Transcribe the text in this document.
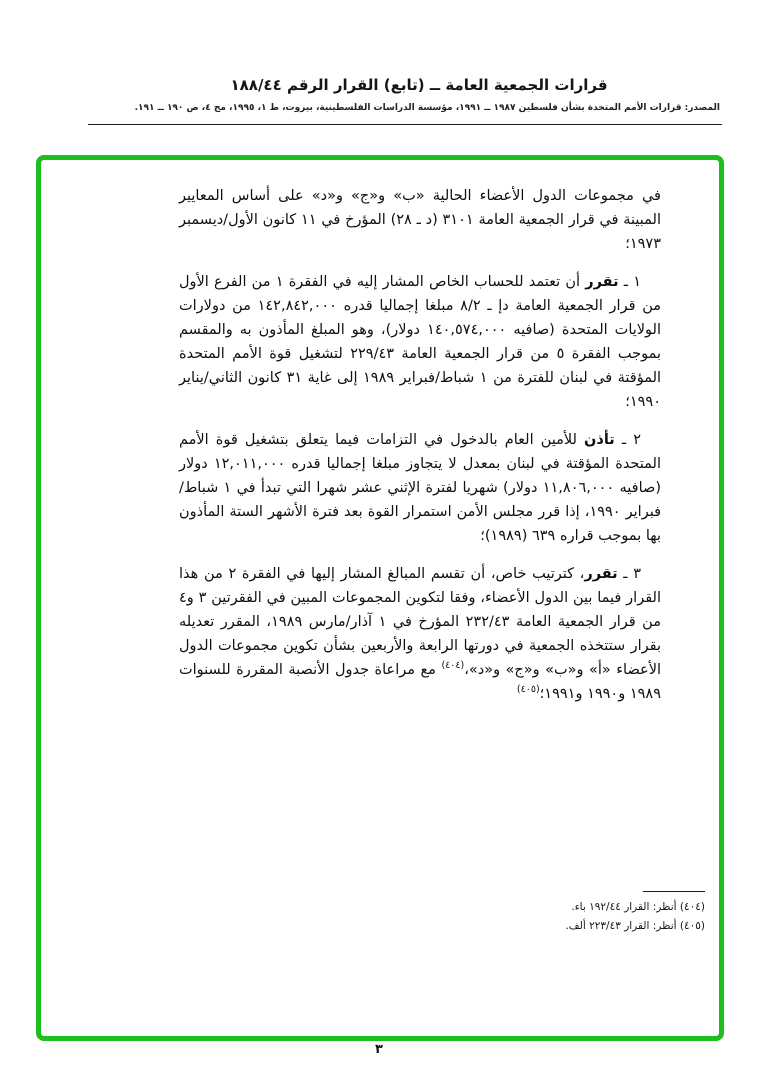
قرارات الجمعية العامة ــ (تابع) القرار الرقم ١٨٨/٤٤
المصدر: قرارات الأمم المتحدة بشأن فلسطين ١٩٨٧ ــ ١٩٩١، مؤسسة الدراسات الفلسطينية، بيروت، ط ١، ١٩٩٥، مج ٤، ص ١٩٠ ــ ١٩١.

في مجموعات الدول الأعضاء الحالية «ب» و«ج» و«د» على أساس المعايير المبينة في قرار الجمعية العامة ٣١٠١ (د ـ ٢٨) المؤرخ في ١١ كانون الأول/ديسمبر ١٩٧٣؛

١ ـ تقرر أن تعتمد للحساب الخاص المشار إليه في الفقرة ١ من الفرع الأول من قرار الجمعية العامة دإ ـ ٨/٢ مبلغا إجماليا قدره ١٤٢,٨٤٢,٠٠٠ من دولارات الولايات المتحدة (صافيه ١٤٠,٥٧٤,٠٠٠ دولار)، وهو المبلغ المأذون به والمقسم بموجب الفقرة ٥ من قرار الجمعية العامة ٢٢٩/٤٣ لتشغيل قوة الأمم المتحدة المؤقتة في لبنان للفترة من ١ شباط/فبراير ١٩٨٩ إلى غاية ٣١ كانون الثاني/يناير ١٩٩٠؛

٢ ـ تأذن للأمين العام بالدخول في التزامات فيما يتعلق بتشغيل قوة الأمم المتحدة المؤقتة في لبنان بمعدل لا يتجاوز مبلغا إجماليا قدره ١٢,٠١١,٠٠٠ دولار (صافيه ١١,٨٠٦,٠٠٠ دولار) شهريا لفترة الإثني عشر شهرا التي تبدأ في ١ شباط/فبراير ١٩٩٠، إذا قرر مجلس الأمن استمرار القوة بعد فترة الأشهر الستة المأذون بها بموجب قراره ٦٣٩ (١٩٨٩)؛

٣ ـ تقرر، كترتيب خاص، أن تقسم المبالغ المشار إليها في الفقرة ٢ من هذا القرار فيما بين الدول الأعضاء، وفقا لتكوين المجموعات المبين في الفقرتين ٣ و٤ من قرار الجمعية العامة ٢٣٢/٤٣ المؤرخ في ١ آذار/مارس ١٩٨٩، المقرر تعديله بقرار ستتخذه الجمعية في دورتها الرابعة والأربعين بشأن تكوين مجموعات الدول الأعضاء «أ» و«ب» و«ج» و«د»،$^{(٤٠٤)}$ مع مراعاة جدول الأنصبة المقررة للسنوات ١٩٨٩ و١٩٩٠ و١٩٩١؛$^{(٤٠٥)}$

(٤٠٤) أنظر: القرار ١٩٢/٤٤ باء.
(٤٠٥) أنظر: القرار ٢٢٣/٤٣ ألف.
٣
